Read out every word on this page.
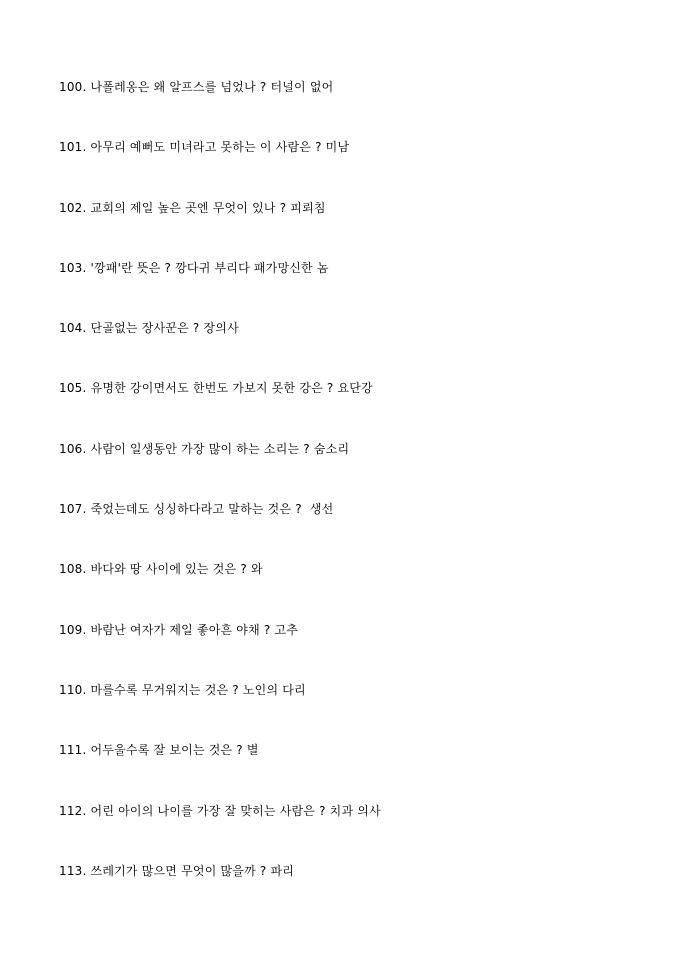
100. 나폴레옹은 왜 알프스를 넘었나 ? 터널이 없어
101. 아무리 예뻐도 미녀라고 못하는 이 사람은 ? 미남
102. 교회의 제일 높은 곳엔 무엇이 있나 ? 피뢰침
103. '깡패'란 뜻은 ? 깡다귀 부리다 패가망신한 놈
104. 단골없는 장사꾼은 ? 장의사
105. 유명한 강이면서도 한번도 가보지 못한 강은 ? 요단강
106. 사람이 일생동안 가장 많이 하는 소리는 ? 숨소리
107. 죽었는데도 싱싱하다라고 말하는 것은 ?  생선
108. 바다와 땅 사이에 있는 것은 ? 와
109. 바람난 여자가 제일 좋아흔 야채 ? 고추
110. 마를수록 무거워지는 것은 ? 노인의 다리
111. 어두울수록 잘 보이는 것은 ? 별
112. 어린 아이의 나이를 가장 잘 맞히는 사람은 ? 치과 의사
113. 쓰레기가 많으면 무엇이 많을까 ? 파리
